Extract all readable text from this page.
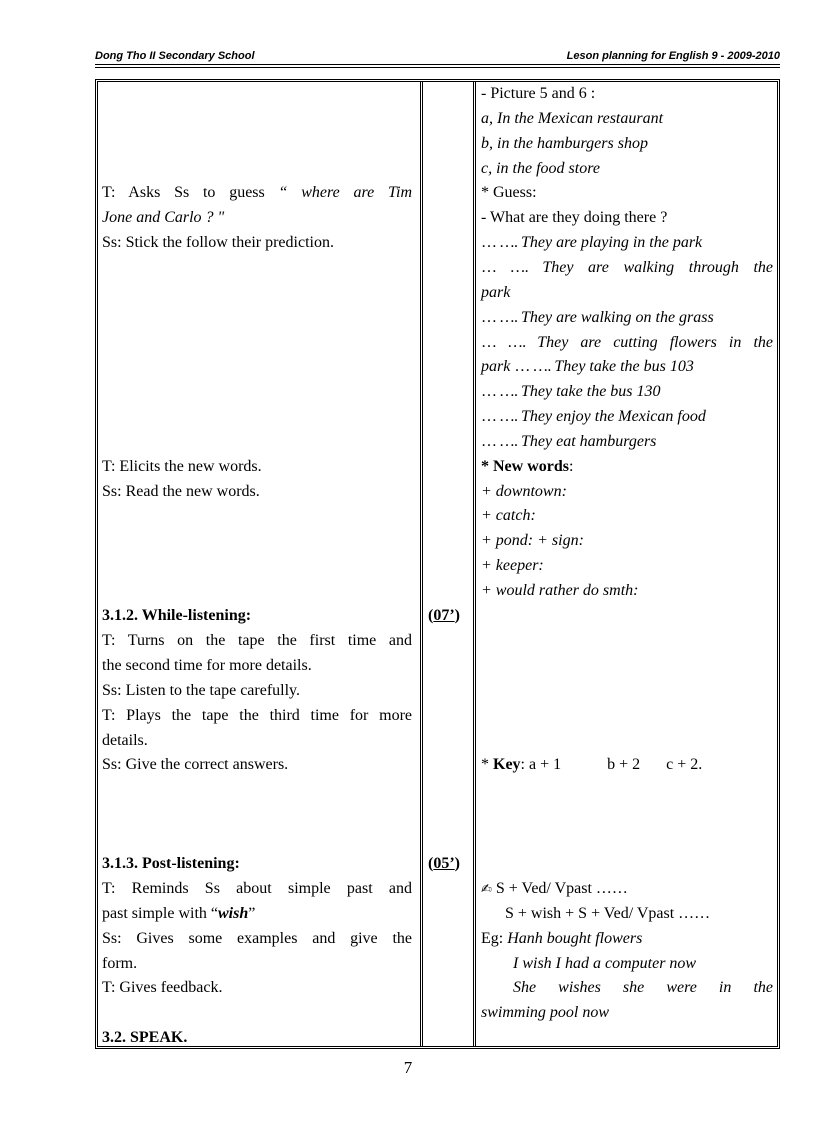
Dong Tho II Secondary School	Leson planning for English 9 - 2009-2010
T: Asks Ss to guess “ where are Tim
Jone and Carlo ? "
Ss: Stick the follow their prediction.
T: Elicits the new words.
Ss: Read the new words.
3.1.2. While-listening:
T: Turns on the tape the first time and
the second time for more details.
Ss: Listen to the tape carefully.
T: Plays the tape the third time for more
details.
Ss: Give the correct answers.
3.1.3. Post-listening:
T: Reminds Ss about simple past and
past simple with “wish”
Ss: Gives some examples and give the
form.
T: Gives feedback.
3.2. SPEAK.
(07’)
(05’)
- Picture 5 and 6 :
a, In the Mexican restaurant
b, in the hamburgers shop
c, in the food store
* Guess:
- What are they doing there ?
… …. They are playing in the park
… …. They are walking through the
park
… …. They are walking on the grass
… …. They are cutting flowers in the
park … …. They take the bus 103
… …. They take the bus 130
… …. They enjoy the Mexican food
… …. They eat hamburgers
* New words:
+ downtown:
+ catch:
+ pond: + sign:
+ keeper:
+ would rather do smth:
* Key: a + 1	b + 2 c + 2.
✍ S + Ved/ Vpast ……
S + wish + S + Ved/ Vpast ……
Eg: Hanh bought flowers
I wish I had a computer now
She wishes she were in the
swimming pool now
7
